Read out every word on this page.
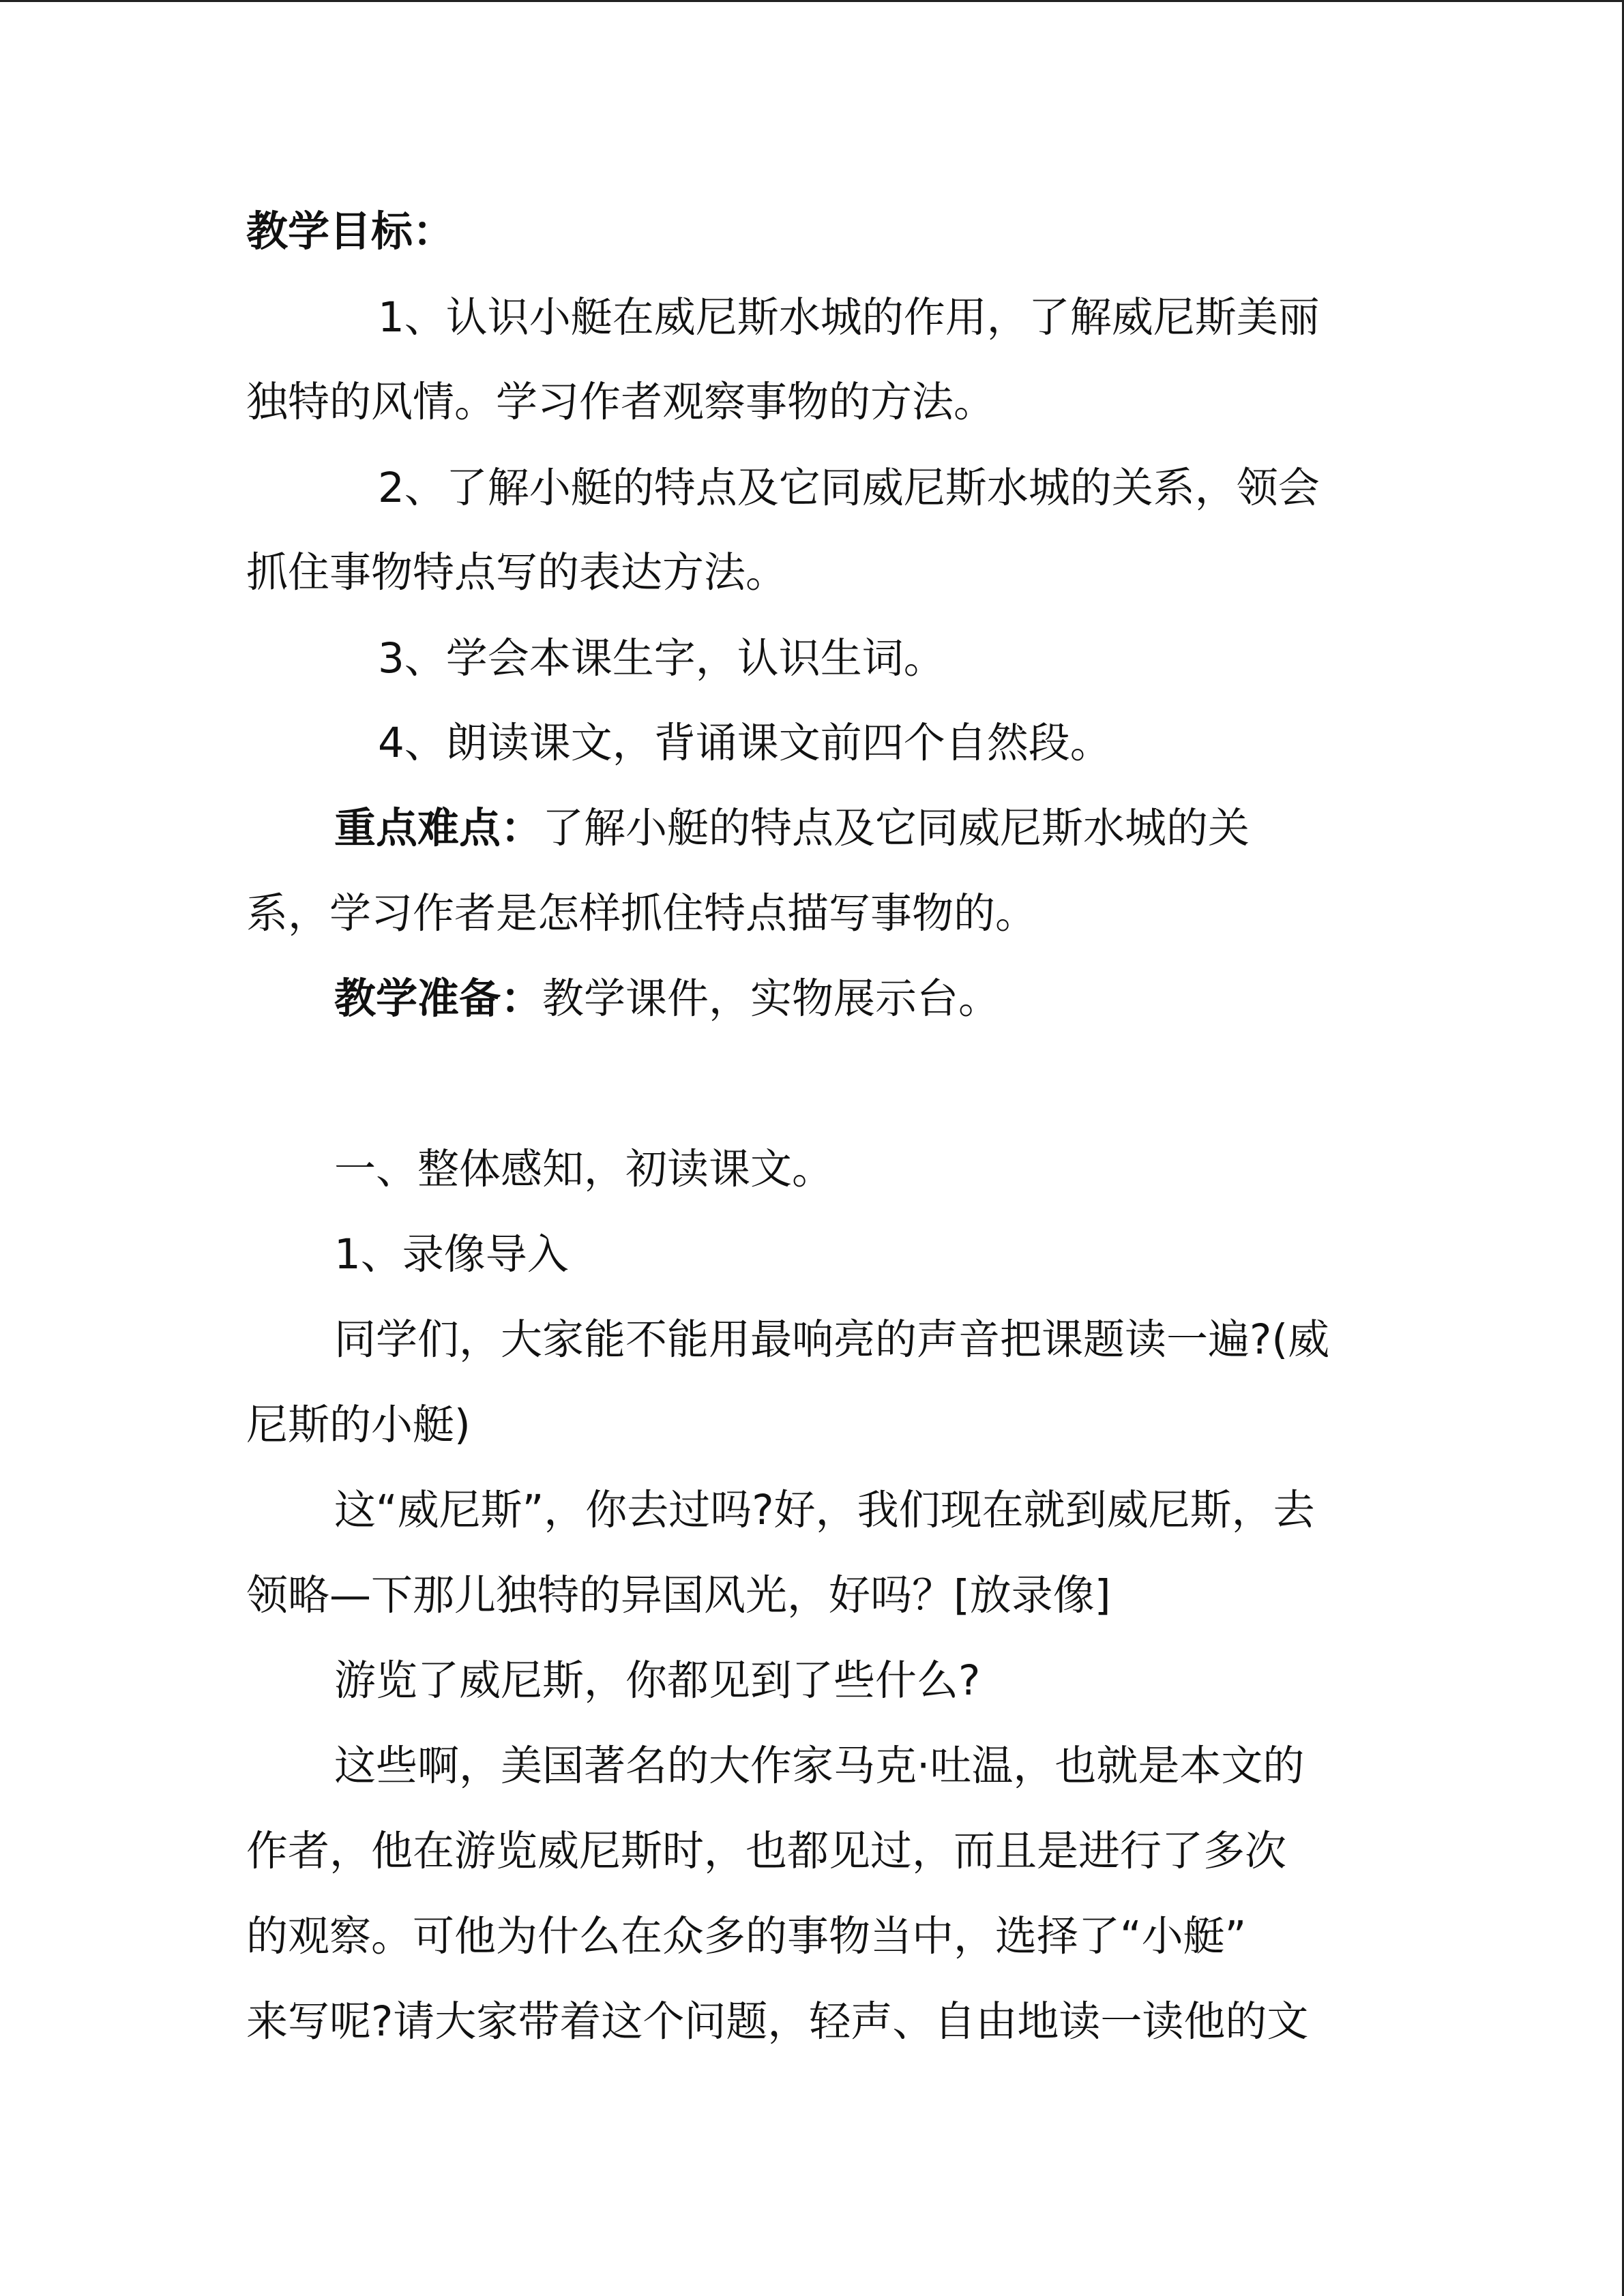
教学目标：
1、认识小艇在威尼斯水城的作用，了解威尼斯美丽
独特的风情。学习作者观察事物的方法。
2、了解小艇的特点及它同威尼斯水城的关系，领会
抓住事物特点写的表达方法。
3、学会本课生字，认识生词。
4、朗读课文，背诵课文前四个自然段。
重点难点：了解小艇的特点及它同威尼斯水城的关
系，学习作者是怎样抓住特点描写事物的。
教学准备：教学课件，实物展示台。
一、整体感知，初读课文。
1、录像导入
同学们，大家能不能用最响亮的声音把课题读一遍?(威
尼斯的小艇)
这“威尼斯”，你去过吗?好，我们现在就到威尼斯，去
领略—下那儿独特的异国风光，好吗？[放录像]
游览了威尼斯，你都见到了些什么?
这些啊，美国著名的大作家马克·吐温，也就是本文的
作者，他在游览威尼斯时，也都见过，而且是进行了多次
的观察。可他为什么在众多的事物当中，选择了“小艇”
来写呢?请大家带着这个问题，轻声、自由地读一读他的文
